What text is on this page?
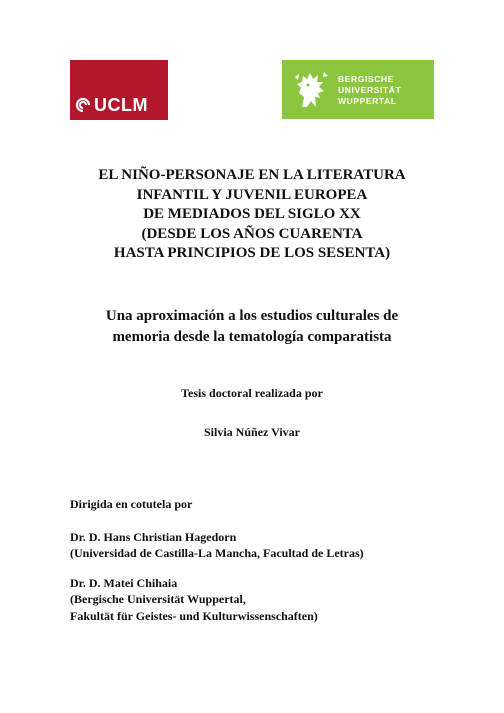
UCLM
BERGISCHE
UNIVERSITÄT
WUPPERTAL
EL NIÑO-PERSONAJE EN LA LITERATURA
INFANTIL Y JUVENIL EUROPEA
DE MEDIADOS DEL SIGLO XX
(DESDE LOS AÑOS CUARENTA
HASTA PRINCIPIOS DE LOS SESENTA)
Una aproximación a los estudios culturales de
memoria desde la tematología comparatista
Tesis doctoral realizada por
Silvia Núñez Vivar
Dirigida en cotutela por
Dr. D. Hans Christian Hagedorn
(Universidad de Castilla-La Mancha, Facultad de Letras)
Dr. D. Matei Chihaia
(Bergische Universität Wuppertal,
Fakultät für Geistes- und Kulturwissenschaften)
